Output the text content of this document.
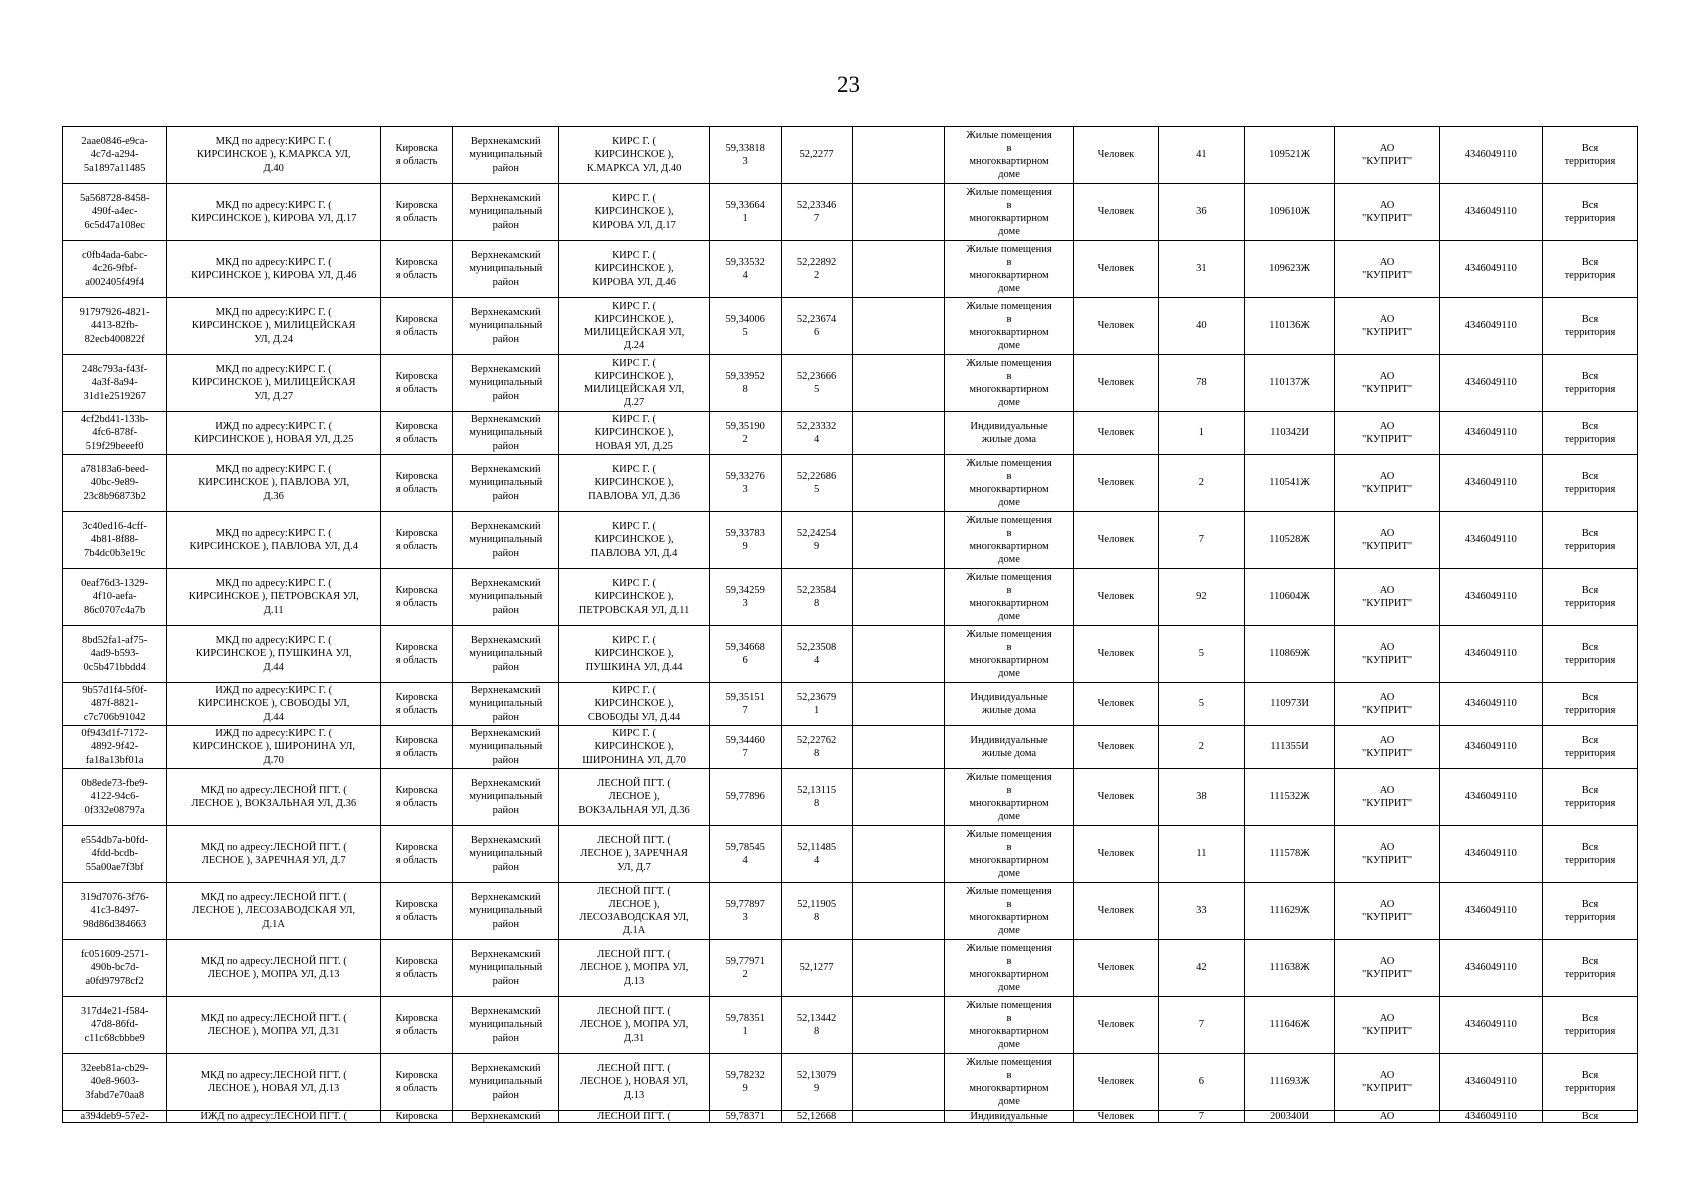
23
2aae0846-e9ca-
4c7d-a294-
5a1897a11485	МКД по адресу:КИРС Г. (
КИРСИНСКОЕ ), К.МАРКСА УЛ,
Д.40	Кировска
я область	Верхнекамский
муниципальный
район	КИРС Г. (
КИРСИНСКОЕ ),
К.МАРКСА УЛ, Д.40	59,33818
3	52,2277		Жилые помещения
в
многоквартирном
доме	Человек	41	109521Ж	АО
"КУПРИТ"	4346049110	Вся
территория
5a568728-8458-
490f-a4ec-
6c5d47a108ec	МКД по адресу:КИРС Г. (
КИРСИНСКОЕ ), КИРОВА УЛ, Д.17	Кировска
я область	Верхнекамский
муниципальный
район	КИРС Г. (
КИРСИНСКОЕ ),
КИРОВА УЛ, Д.17	59,33664
1	52,23346
7		Жилые помещения
в
многоквартирном
доме	Человек	36	109610Ж	АО
"КУПРИТ"	4346049110	Вся
территория
c0fb4ada-6abc-
4c26-9fbf-
a002405f49f4	МКД по адресу:КИРС Г. (
КИРСИНСКОЕ ), КИРОВА УЛ, Д.46	Кировска
я область	Верхнекамский
муниципальный
район	КИРС Г. (
КИРСИНСКОЕ ),
КИРОВА УЛ, Д.46	59,33532
4	52,22892
2		Жилые помещения
в
многоквартирном
доме	Человек	31	109623Ж	АО
"КУПРИТ"	4346049110	Вся
территория
91797926-4821-
4413-82fb-
82ecb400822f	МКД по адресу:КИРС Г. (
КИРСИНСКОЕ ), МИЛИЦЕЙСКАЯ
УЛ, Д.24	Кировска
я область	Верхнекамский
муниципальный
район	КИРС Г. (
КИРСИНСКОЕ ),
МИЛИЦЕЙСКАЯ УЛ,
Д.24	59,34006
5	52,23674
6		Жилые помещения
в
многоквартирном
доме	Человек	40	110136Ж	АО
"КУПРИТ"	4346049110	Вся
территория
248c793a-f43f-
4a3f-8a94-
31d1e2519267	МКД по адресу:КИРС Г. (
КИРСИНСКОЕ ), МИЛИЦЕЙСКАЯ
УЛ, Д.27	Кировска
я область	Верхнекамский
муниципальный
район	КИРС Г. (
КИРСИНСКОЕ ),
МИЛИЦЕЙСКАЯ УЛ,
Д.27	59,33952
8	52,23666
5		Жилые помещения
в
многоквартирном
доме	Человек	78	110137Ж	АО
"КУПРИТ"	4346049110	Вся
территория
4cf2bd41-133b-
4fc6-878f-
519f29beeef0	ИЖД по адресу:КИРС Г. (
КИРСИНСКОЕ ), НОВАЯ УЛ, Д.25	Кировска
я область	Верхнекамский
муниципальный
район	КИРС Г. (
КИРСИНСКОЕ ),
НОВАЯ УЛ, Д.25	59,35190
2	52,23332
4		Индивидуальные
жилые дома	Человек	1	110342И	АО
"КУПРИТ"	4346049110	Вся
территория
a78183a6-beed-
40bc-9e89-
23c8b96873b2	МКД по адресу:КИРС Г. (
КИРСИНСКОЕ ), ПАВЛОВА УЛ,
Д.36	Кировска
я область	Верхнекамский
муниципальный
район	КИРС Г. (
КИРСИНСКОЕ ),
ПАВЛОВА УЛ, Д.36	59,33276
3	52,22686
5		Жилые помещения
в
многоквартирном
доме	Человек	2	110541Ж	АО
"КУПРИТ"	4346049110	Вся
территория
3c40ed16-4cff-
4b81-8f88-
7b4dc0b3e19c	МКД по адресу:КИРС Г. (
КИРСИНСКОЕ ), ПАВЛОВА УЛ, Д.4	Кировска
я область	Верхнекамский
муниципальный
район	КИРС Г. (
КИРСИНСКОЕ ),
ПАВЛОВА УЛ, Д.4	59,33783
9	52,24254
9		Жилые помещения
в
многоквартирном
доме	Человек	7	110528Ж	АО
"КУПРИТ"	4346049110	Вся
территория
0eaf76d3-1329-
4f10-aefa-
86c0707c4a7b	МКД по адресу:КИРС Г. (
КИРСИНСКОЕ ), ПЕТРОВСКАЯ УЛ,
Д.11	Кировска
я область	Верхнекамский
муниципальный
район	КИРС Г. (
КИРСИНСКОЕ ),
ПЕТРОВСКАЯ УЛ, Д.11	59,34259
3	52,23584
8		Жилые помещения
в
многоквартирном
доме	Человек	92	110604Ж	АО
"КУПРИТ"	4346049110	Вся
территория
8bd52fa1-af75-
4ad9-b593-
0c5b471bbdd4	МКД по адресу:КИРС Г. (
КИРСИНСКОЕ ), ПУШКИНА УЛ,
Д.44	Кировска
я область	Верхнекамский
муниципальный
район	КИРС Г. (
КИРСИНСКОЕ ),
ПУШКИНА УЛ, Д.44	59,34668
6	52,23508
4		Жилые помещения
в
многоквартирном
доме	Человек	5	110869Ж	АО
"КУПРИТ"	4346049110	Вся
территория
9b57d1f4-5f0f-
487f-8821-
c7c706b91042	ИЖД по адресу:КИРС Г. (
КИРСИНСКОЕ ), СВОБОДЫ УЛ,
Д.44	Кировска
я область	Верхнекамский
муниципальный
район	КИРС Г. (
КИРСИНСКОЕ ),
СВОБОДЫ УЛ, Д.44	59,35151
7	52,23679
1		Индивидуальные
жилые дома	Человек	5	110973И	АО
"КУПРИТ"	4346049110	Вся
территория
0f943d1f-7172-
4892-9f42-
fa18a13bf01a	ИЖД по адресу:КИРС Г. (
КИРСИНСКОЕ ), ШИРОНИНА УЛ,
Д.70	Кировска
я область	Верхнекамский
муниципальный
район	КИРС Г. (
КИРСИНСКОЕ ),
ШИРОНИНА УЛ, Д.70	59,34460
7	52,22762
8		Индивидуальные
жилые дома	Человек	2	111355И	АО
"КУПРИТ"	4346049110	Вся
территория
0b8ede73-fbe9-
4122-94c6-
0f332e08797a	МКД по адресу:ЛЕСНОЙ ПГТ. (
ЛЕСНОЕ ), ВОКЗАЛЬНАЯ УЛ, Д.36	Кировска
я область	Верхнекамский
муниципальный
район	ЛЕСНОЙ ПГТ. (
ЛЕСНОЕ ),
ВОКЗАЛЬНАЯ УЛ, Д.36	59,77896	52,13115
8		Жилые помещения
в
многоквартирном
доме	Человек	38	111532Ж	АО
"КУПРИТ"	4346049110	Вся
территория
e554db7a-b0fd-
4fdd-bcdb-
55a00ae7f3bf	МКД по адресу:ЛЕСНОЙ ПГТ. (
ЛЕСНОЕ ), ЗАРЕЧНАЯ УЛ, Д.7	Кировска
я область	Верхнекамский
муниципальный
район	ЛЕСНОЙ ПГТ. (
ЛЕСНОЕ ), ЗАРЕЧНАЯ
УЛ, Д.7	59,78545
4	52,11485
4		Жилые помещения
в
многоквартирном
доме	Человек	11	111578Ж	АО
"КУПРИТ"	4346049110	Вся
территория
319d7076-3f76-
41c3-8497-
98d86d384663	МКД по адресу:ЛЕСНОЙ ПГТ. (
ЛЕСНОЕ ), ЛЕСОЗАВОДСКАЯ УЛ,
Д.1А	Кировска
я область	Верхнекамский
муниципальный
район	ЛЕСНОЙ ПГТ. (
ЛЕСНОЕ ),
ЛЕСОЗАВОДСКАЯ УЛ,
Д.1А	59,77897
3	52,11905
8		Жилые помещения
в
многоквартирном
доме	Человек	33	111629Ж	АО
"КУПРИТ"	4346049110	Вся
территория
fc051609-2571-
490b-bc7d-
a0fd97978cf2	МКД по адресу:ЛЕСНОЙ ПГТ. (
ЛЕСНОЕ ), МОПРА УЛ, Д.13	Кировска
я область	Верхнекамский
муниципальный
район	ЛЕСНОЙ ПГТ. (
ЛЕСНОЕ ), МОПРА УЛ,
Д.13	59,77971
2	52,1277		Жилые помещения
в
многоквартирном
доме	Человек	42	111638Ж	АО
"КУПРИТ"	4346049110	Вся
территория
317d4e21-f584-
47d8-86fd-
c11c68cbbbe9	МКД по адресу:ЛЕСНОЙ ПГТ. (
ЛЕСНОЕ ), МОПРА УЛ, Д.31	Кировска
я область	Верхнекамский
муниципальный
район	ЛЕСНОЙ ПГТ. (
ЛЕСНОЕ ), МОПРА УЛ,
Д.31	59,78351
1	52,13442
8		Жилые помещения
в
многоквартирном
доме	Человек	7	111646Ж	АО
"КУПРИТ"	4346049110	Вся
территория
32eeb81a-cb29-
40e8-9603-
3fabd7e70aa8	МКД по адресу:ЛЕСНОЙ ПГТ. (
ЛЕСНОЕ ), НОВАЯ УЛ, Д.13	Кировска
я область	Верхнекамский
муниципальный
район	ЛЕСНОЙ ПГТ. (
ЛЕСНОЕ ), НОВАЯ УЛ,
Д.13	59,78232
9	52,13079
9		Жилые помещения
в
многоквартирном
доме	Человек	6	111693Ж	АО
"КУПРИТ"	4346049110	Вся
территория
a394deb9-57e2-	ИЖД по адресу:ЛЕСНОЙ ПГТ. (	Кировска	Верхнекамский	ЛЕСНОЙ ПГТ. (	59,78371	52,12668		Индивидуальные	Человек	7	200340И	АО	4346049110	Вся
